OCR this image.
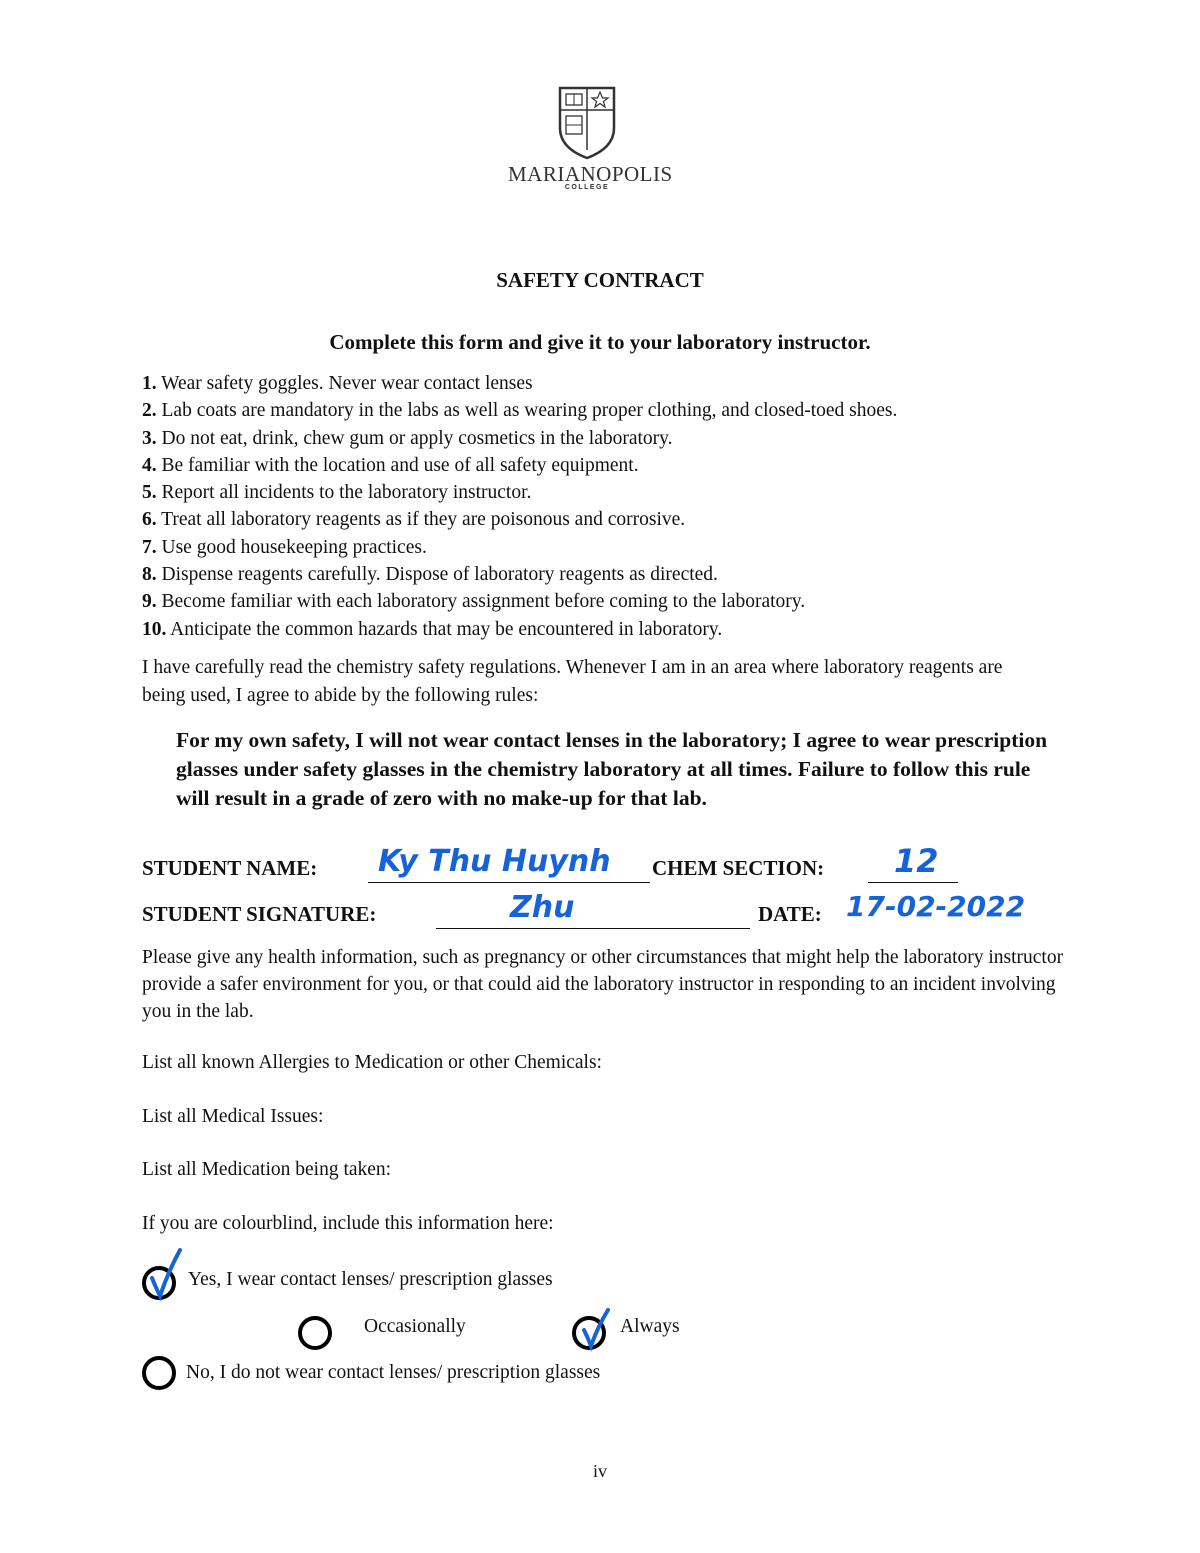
MARIANOPOLIS
COLLEGE
SAFETY CONTRACT
Complete this form and give it to your laboratory instructor.
1. Wear safety goggles. Never wear contact lenses
2. Lab coats are mandatory in the labs as well as wearing proper clothing, and closed-toed shoes.
3. Do not eat, drink, chew gum or apply cosmetics in the laboratory.
4. Be familiar with the location and use of all safety equipment.
5. Report all incidents to the laboratory instructor.
6. Treat all laboratory reagents as if they are poisonous and corrosive.
7. Use good housekeeping practices.
8. Dispense reagents carefully. Dispose of laboratory reagents as directed.
9. Become familiar with each laboratory assignment before coming to the laboratory.
10. Anticipate the common hazards that may be encountered in laboratory.
I have carefully read the chemistry safety regulations. Whenever I am in an area where laboratory reagents are being used, I agree to abide by the following rules:
For my own safety, I will not wear contact lenses in the laboratory; I agree to wear prescription glasses under safety glasses in the chemistry laboratory at all times. Failure to follow this rule will result in a grade of zero with no make-up for that lab.
STUDENT NAME: Ky Thu Huynh CHEM SECTION: 12
STUDENT SIGNATURE:	Zhu	DATE: 17-02-2022
Please give any health information, such as pregnancy or other circumstances that might help the laboratory instructor provide a safer environment for you, or that could aid the laboratory instructor in responding to an incident involving you in the lab.
List all known Allergies to Medication or other Chemicals:
List all Medical Issues:
List all Medication being taken:
If you are colourblind, include this information here:
Yes, I wear contact lenses/ prescription glasses
Occasionally	Always
No, I do not wear contact lenses/ prescription glasses
iv
